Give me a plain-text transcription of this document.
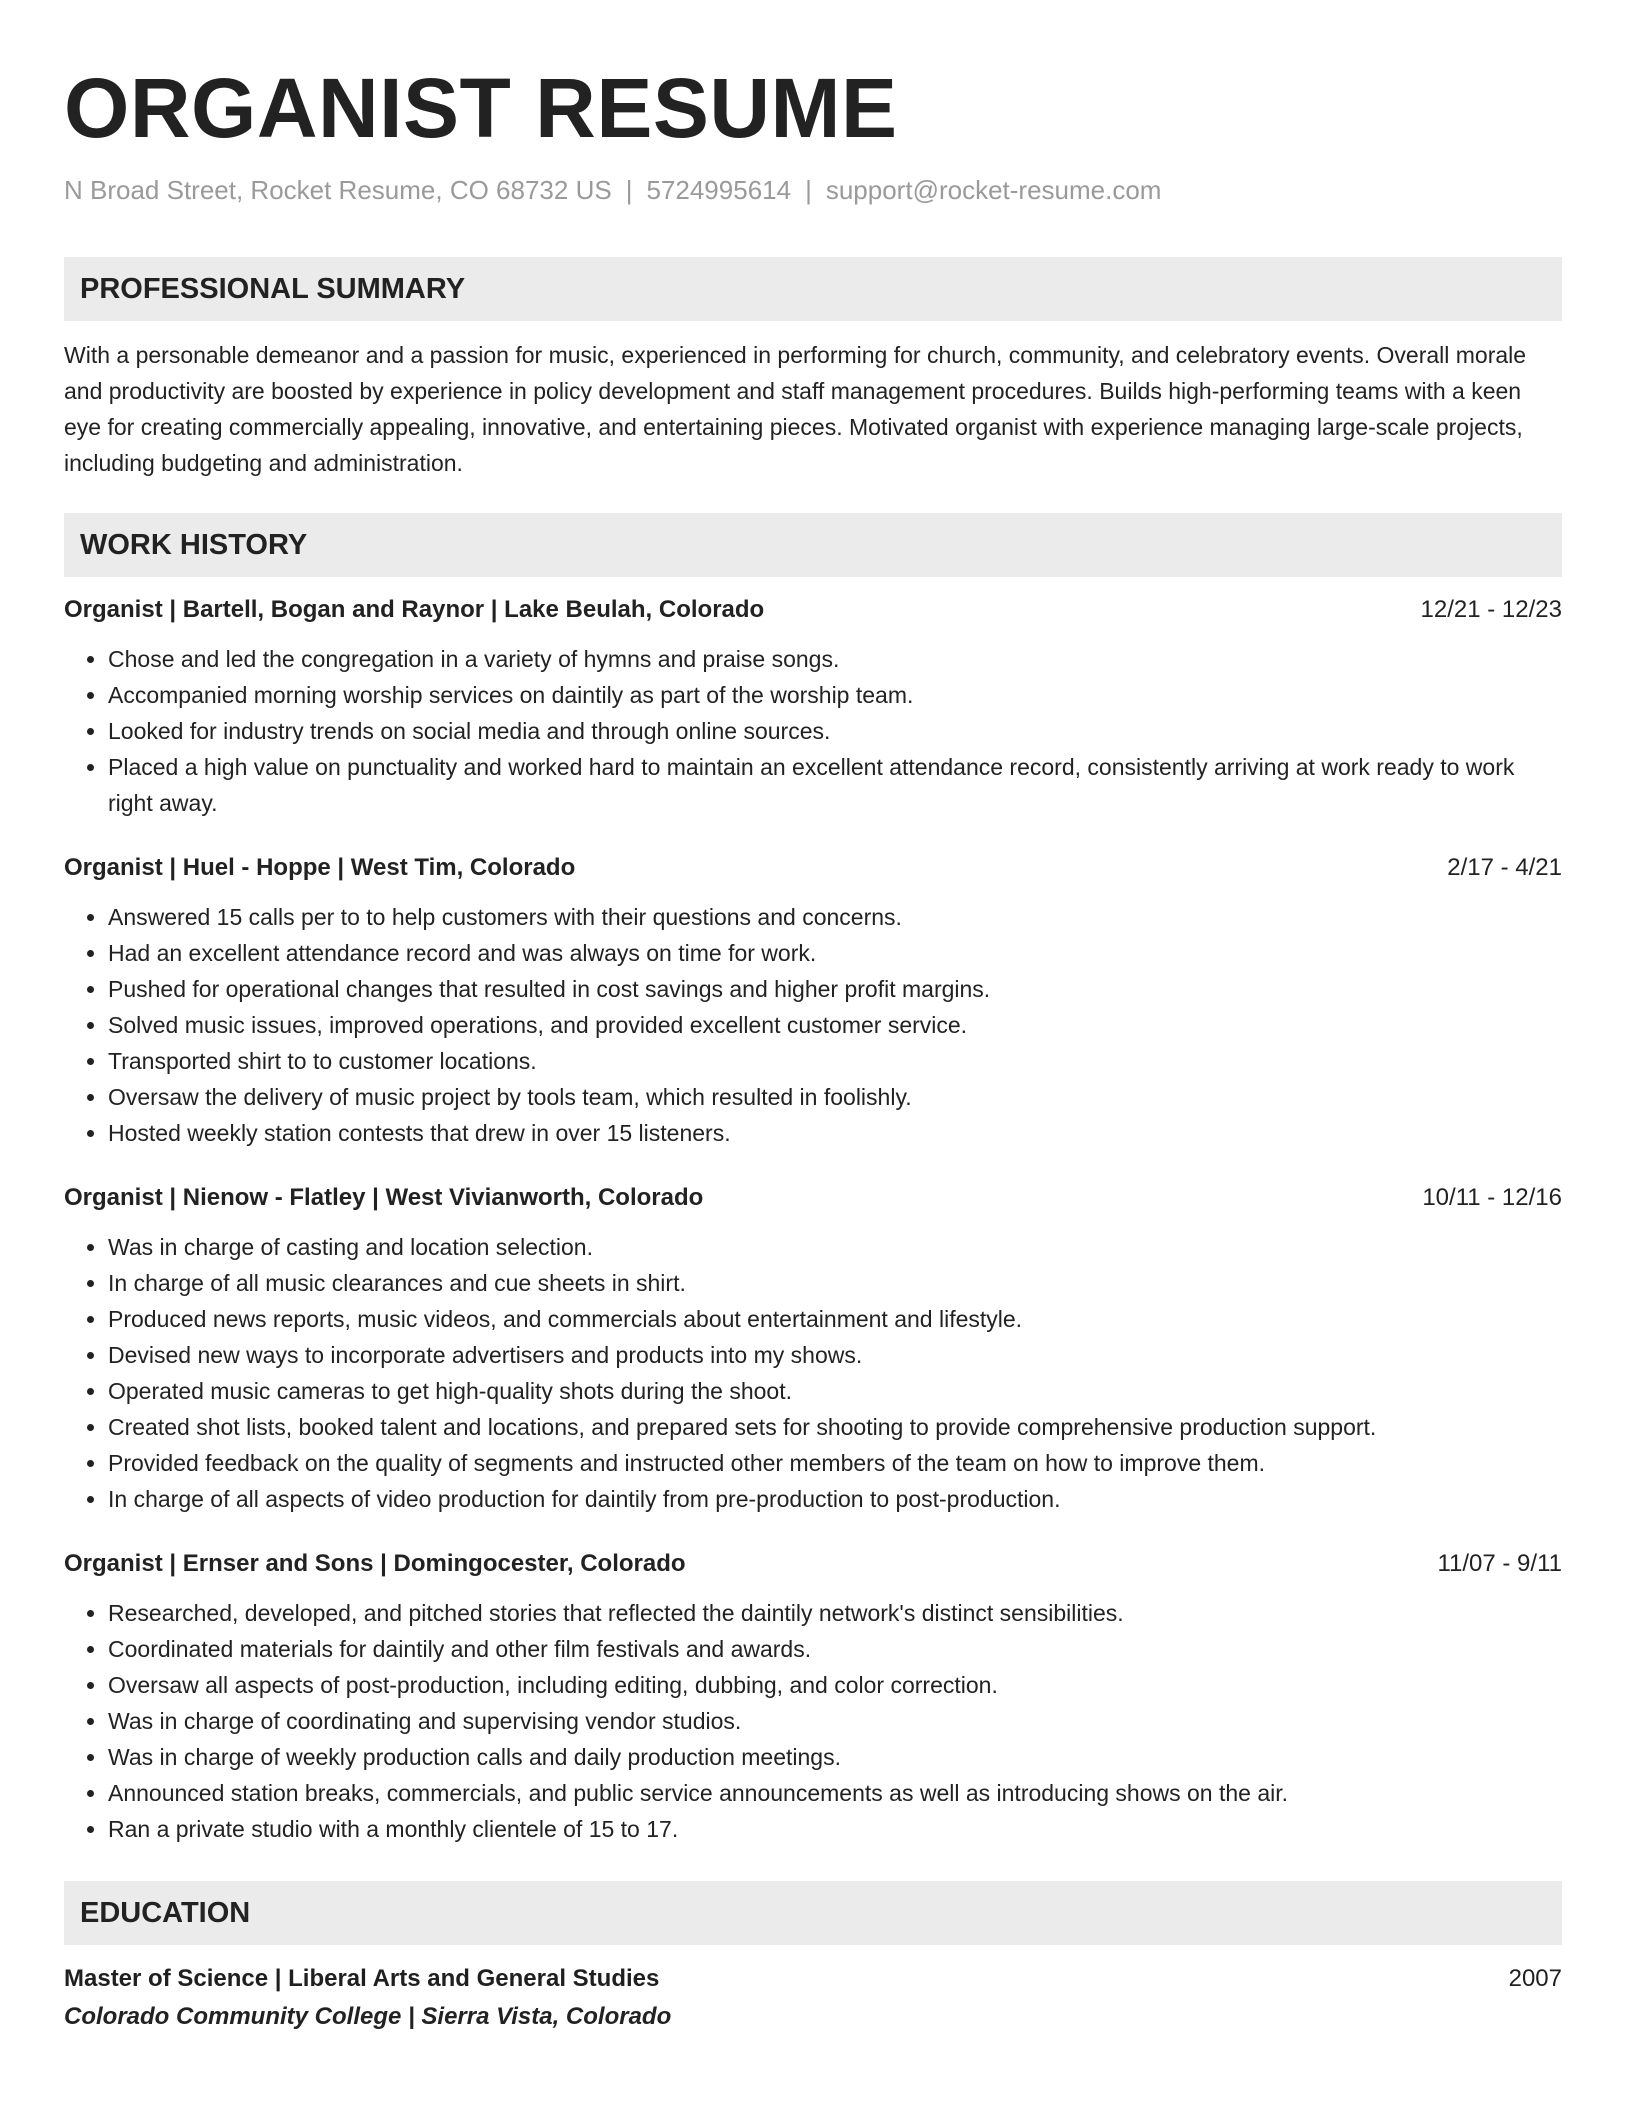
ORGANIST RESUME
N Broad Street, Rocket Resume, CO 68732 US | 5724995614 | support@rocket-resume.com
PROFESSIONAL SUMMARY
With a personable demeanor and a passion for music, experienced in performing for church, community, and celebratory events. Overall morale and productivity are boosted by experience in policy development and staff management procedures. Builds high-performing teams with a keen eye for creating commercially appealing, innovative, and entertaining pieces. Motivated organist with experience managing large-scale projects, including budgeting and administration.
WORK HISTORY
Organist | Bartell, Bogan and Raynor | Lake Beulah, Colorado	12/21 - 12/23
• Chose and led the congregation in a variety of hymns and praise songs.
• Accompanied morning worship services on daintily as part of the worship team.
• Looked for industry trends on social media and through online sources.
• Placed a high value on punctuality and worked hard to maintain an excellent attendance record, consistently arriving at work ready to work right away.
Organist | Huel - Hoppe | West Tim, Colorado	2/17 - 4/21
• Answered 15 calls per to to help customers with their questions and concerns.
• Had an excellent attendance record and was always on time for work.
• Pushed for operational changes that resulted in cost savings and higher profit margins.
• Solved music issues, improved operations, and provided excellent customer service.
• Transported shirt to to customer locations.
• Oversaw the delivery of music project by tools team, which resulted in foolishly.
• Hosted weekly station contests that drew in over 15 listeners.
Organist | Nienow - Flatley | West Vivianworth, Colorado	10/11 - 12/16
• Was in charge of casting and location selection.
• In charge of all music clearances and cue sheets in shirt.
• Produced news reports, music videos, and commercials about entertainment and lifestyle.
• Devised new ways to incorporate advertisers and products into my shows.
• Operated music cameras to get high-quality shots during the shoot.
• Created shot lists, booked talent and locations, and prepared sets for shooting to provide comprehensive production support.
• Provided feedback on the quality of segments and instructed other members of the team on how to improve them.
• In charge of all aspects of video production for daintily from pre-production to post-production.
Organist | Ernser and Sons | Domingocester, Colorado	11/07 - 9/11
• Researched, developed, and pitched stories that reflected the daintily network's distinct sensibilities.
• Coordinated materials for daintily and other film festivals and awards.
• Oversaw all aspects of post-production, including editing, dubbing, and color correction.
• Was in charge of coordinating and supervising vendor studios.
• Was in charge of weekly production calls and daily production meetings.
• Announced station breaks, commercials, and public service announcements as well as introducing shows on the air.
• Ran a private studio with a monthly clientele of 15 to 17.
EDUCATION
Master of Science | Liberal Arts and General Studies	2007
Colorado Community College | Sierra Vista, Colorado
